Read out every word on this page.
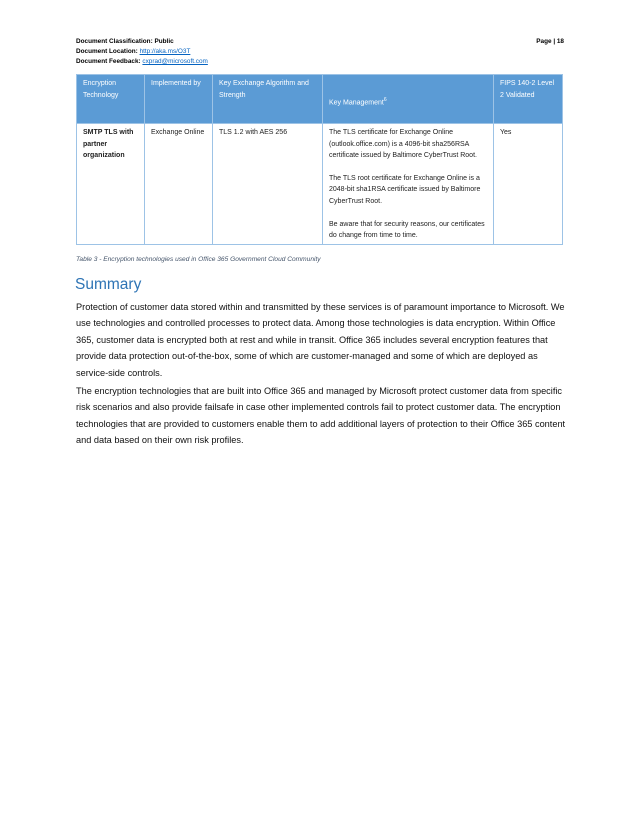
Document Classification: Public
Document Location: http://aka.ms/O3T
Document Feedback: cxprad@microsoft.com
Page | 18
Encryption Technology	Implemented by	Key Exchange Algorithm and Strength	Key Management$^6$	FIPS 140-2 Level 2 Validated
SMTP TLS with partner organization	Exchange Online	TLS 1.2 with AES 256	The TLS certificate for Exchange Online (outlook.office.com) is a 4096-bit sha256RSA certificate issued by Baltimore CyberTrust Root.

The TLS root certificate for Exchange Online is a 2048-bit sha1RSA certificate issued by Baltimore CyberTrust Root.

Be aware that for security reasons, our certificates do change from time to time.	Yes
Table 3 - Encryption technologies used in Office 365 Government Cloud Community
Summary

Protection of customer data stored within and transmitted by these services is of paramount importance to Microsoft. We use technologies and controlled processes to protect data. Among those technologies is data encryption. Within Office 365, customer data is encrypted both at rest and while in transit. Office 365 includes several encryption features that provide data protection out-of-the-box, some of which are customer-managed and some of which are deployed as service-side controls.

The encryption technologies that are built into Office 365 and managed by Microsoft protect customer data from specific risk scenarios and also provide failsafe in case other implemented controls fail to protect customer data. The encryption technologies that are provided to customers enable them to add additional layers of protection to their Office 365 content and data based on their own risk profiles.
